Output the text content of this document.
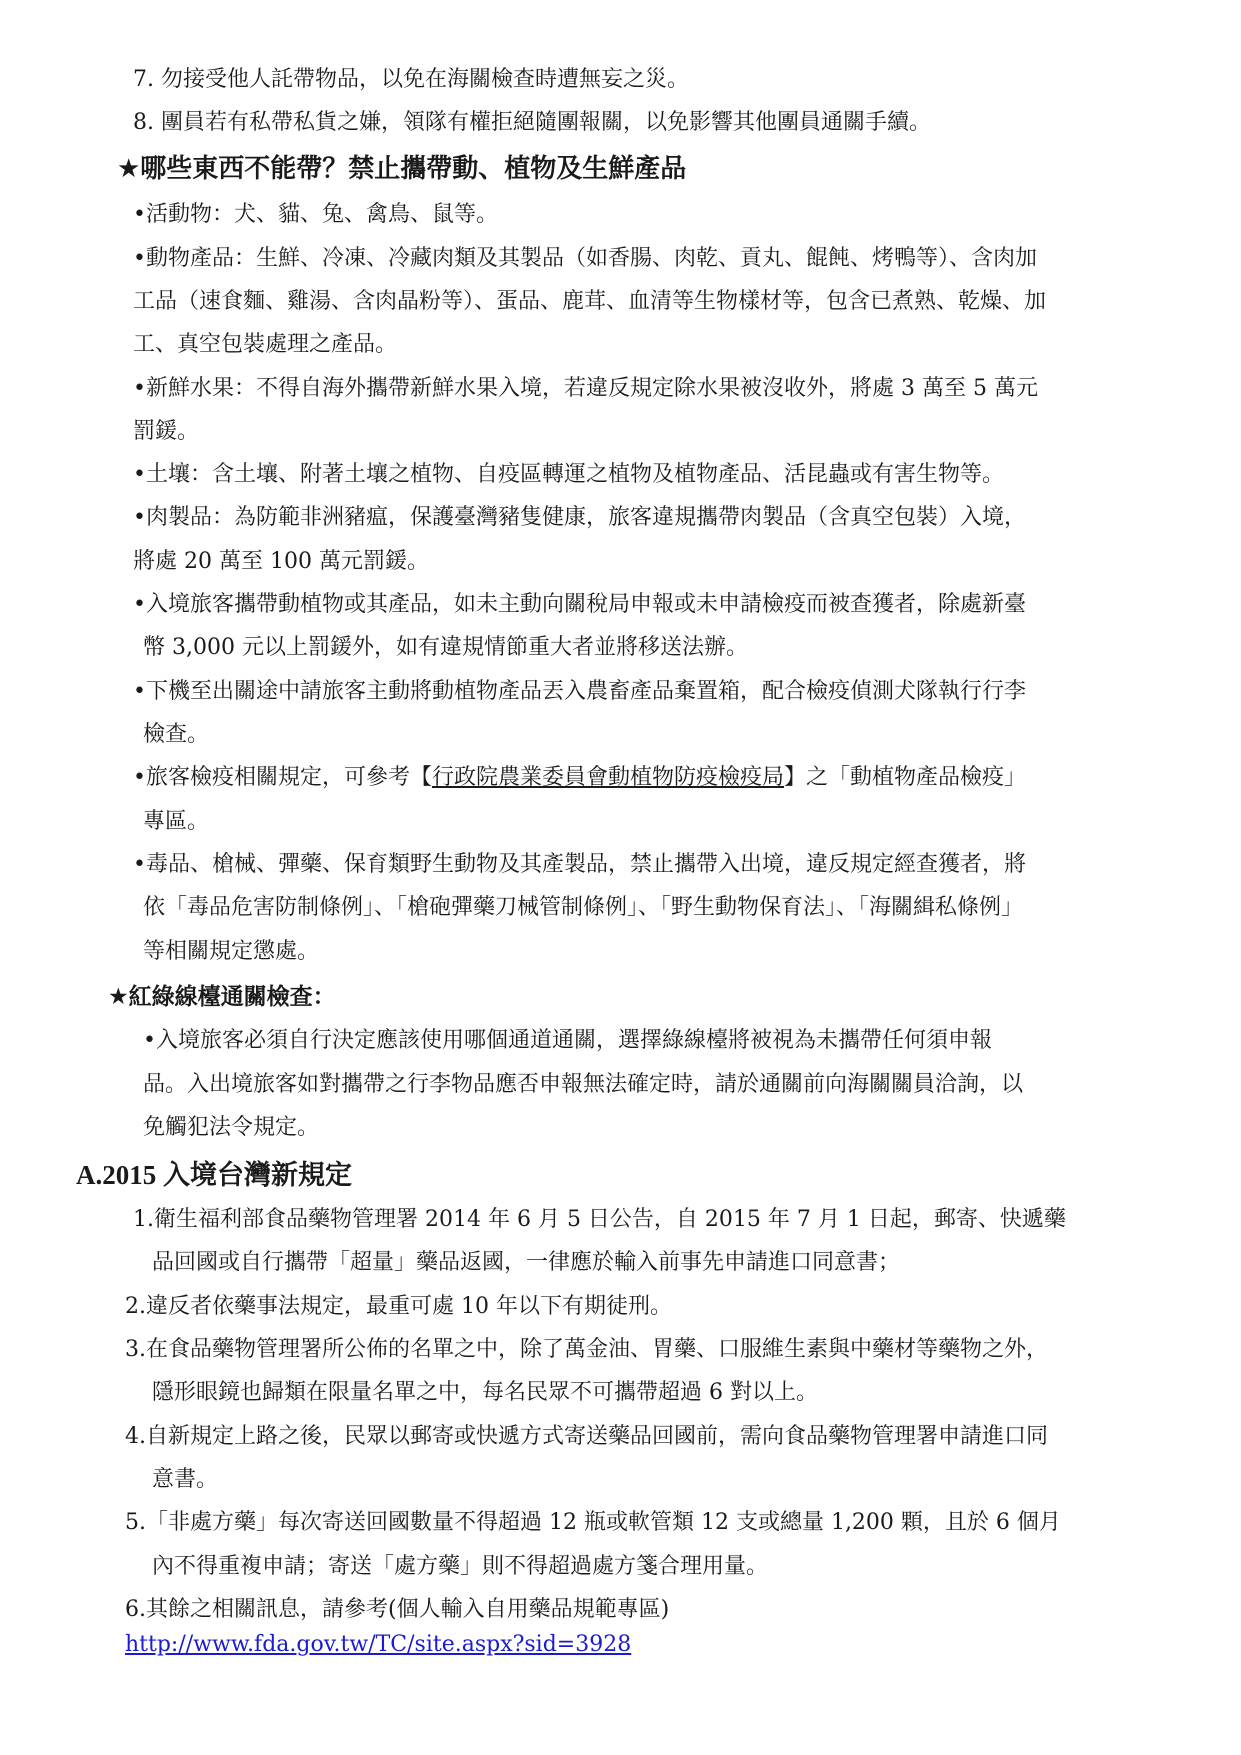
7. 勿接受他人託帶物品，以免在海關檢查時遭無妄之災。
8. 團員若有私帶私貨之嫌，領隊有權拒絕隨團報關，以免影響其他團員通關手續。
★哪些東西不能帶？禁止攜帶動、植物及生鮮產品
•活動物：犬、貓、兔、禽鳥、鼠等。
•動物產品：生鮮、冷凍、冷藏肉類及其製品（如香腸、肉乾、貢丸、餛飩、烤鴨等）、含肉加
工品（速食麵、雞湯、含肉晶粉等）、蛋品、鹿茸、血清等生物樣材等，包含已煮熟、乾燥、加
工、真空包裝處理之產品。
•新鮮水果：不得自海外攜帶新鮮水果入境，若違反規定除水果被沒收外，將處 3 萬至 5 萬元
罰鍰。
•土壤：含土壤、附著土壤之植物、自疫區轉運之植物及植物產品、活昆蟲或有害生物等。
•肉製品：為防範非洲豬瘟，保護臺灣豬隻健康，旅客違規攜帶肉製品（含真空包裝）入境，
將處 20 萬至 100 萬元罰鍰。
•入境旅客攜帶動植物或其產品，如未主動向關稅局申報或未申請檢疫而被查獲者，除處新臺
幣 3,000 元以上罰鍰外，如有違規情節重大者並將移送法辦。
•下機至出關途中請旅客主動將動植物產品丟入農畜產品棄置箱，配合檢疫偵測犬隊執行行李
檢查。
•旅客檢疫相關規定，可參考【行政院農業委員會動植物防疫檢疫局】之「動植物產品檢疫」
專區。
•毒品、槍械、彈藥、保育類野生動物及其產製品，禁止攜帶入出境，違反規定經查獲者，將
依「毒品危害防制條例」、「槍砲彈藥刀械管制條例」、「野生動物保育法」、「海關緝私條例」
等相關規定懲處。
★紅綠線檯通關檢查：
•入境旅客必須自行決定應該使用哪個通道通關，選擇綠線檯將被視為未攜帶任何須申報
品。入出境旅客如對攜帶之行李物品應否申報無法確定時，請於通關前向海關關員洽詢，以
免觸犯法令規定。
A.2015 入境台灣新規定
1.衛生福利部食品藥物管理署 2014 年 6 月 5 日公告，自 2015 年 7 月 1 日起，郵寄、快遞藥
品回國或自行攜帶「超量」藥品返國，一律應於輸入前事先申請進口同意書；
2.違反者依藥事法規定，最重可處 10 年以下有期徒刑。
3.在食品藥物管理署所公佈的名單之中，除了萬金油、胃藥、口服維生素與中藥材等藥物之外，
隱形眼鏡也歸類在限量名單之中，每名民眾不可攜帶超過 6 對以上。
4.自新規定上路之後，民眾以郵寄或快遞方式寄送藥品回國前，需向食品藥物管理署申請進口同
意書。
5.「非處方藥」每次寄送回國數量不得超過 12 瓶或軟管類 12 支或總量 1,200 顆，且於 6 個月
內不得重複申請；寄送「處方藥」則不得超過處方箋合理用量。
6.其餘之相關訊息，請參考(個人輸入自用藥品規範專區)
http://www.fda.gov.tw/TC/site.aspx?sid=3928
